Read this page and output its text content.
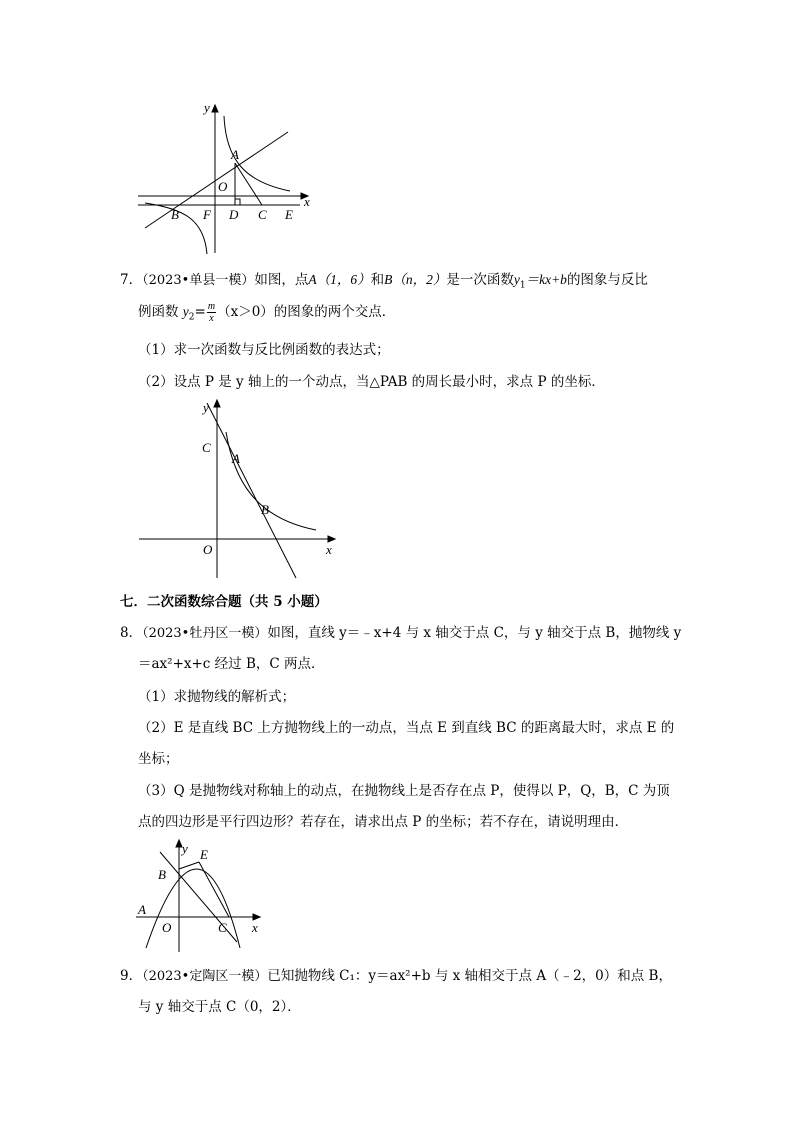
y
x
A
O
B F D C E
7．（2023•单县一模）如图，点A（1，6）和B（n，2）是一次函数$y_1=kx+b$的图象与反比
例函数 $y_2= \frac{m}{x} (x>0)$的图象的两个交点．
（1）求一次函数与反比例函数的表达式；
（2）设点 P 是 y 轴上的一个动点，当△PAB 的周长最小时，求点 P 的坐标．
y
C
A
B
O	x
七．二次函数综合题（共 5 小题）
8．（2023•牡丹区一模）如图，直线 y＝﹣x+4 与 x 轴交于点 C，与 y 轴交于点 B，抛物线 y
＝ax²+x+c 经过 B，C 两点．
（1）求抛物线的解析式；
（2）E 是直线 BC 上方抛物线上的一动点，当点 E 到直线 BC 的距离最大时，求点 E 的
坐标；
（3）Q 是抛物线对称轴上的动点，在抛物线上是否存在点 P，使得以 P，Q，B，C 为顶
点的四边形是平行四边形？若存在，请求出点 P 的坐标；若不存在，请说明理由．
y E
B
A
O	C x
9．（2023•定陶区一模）已知抛物线 C₁：y＝ax²+b 与 x 轴相交于点 A（﹣2，0）和点 B，
与 y 轴交于点 C（0，2）．
